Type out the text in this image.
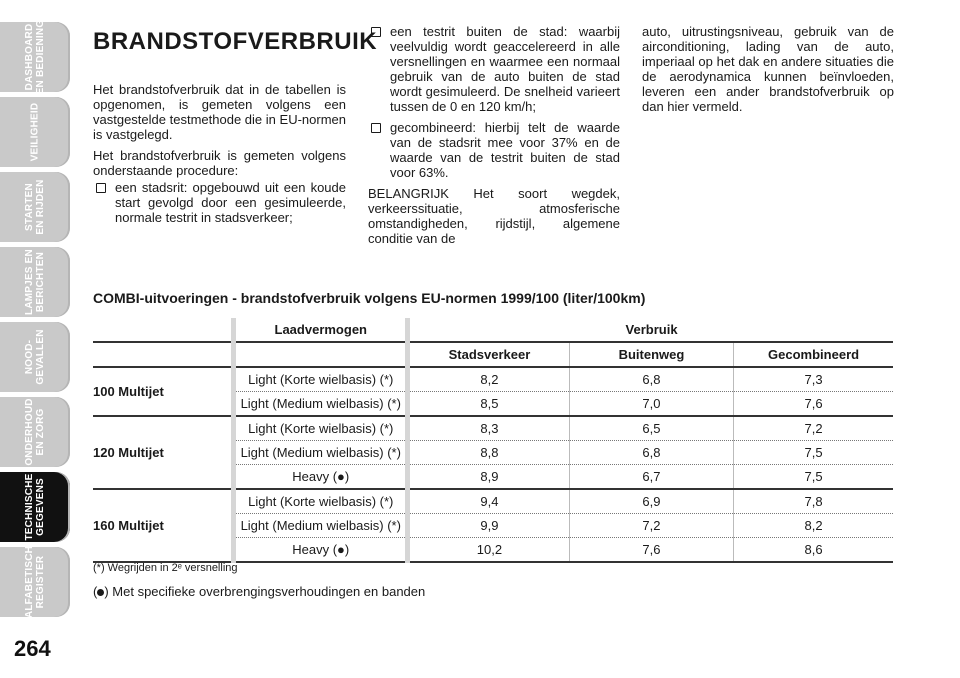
DASHBOARD
EN BEDIENING
VEILIGHEID
STARTEN
EN RIJDEN
LAMPJES EN
BERICHTEN
NOOD-
GEVALLEN
ONDERHOUD
EN ZORG
TECHNISCHE
GEGEVENS
ALFABETISCH
REGISTER
264
BRANDSTOFVERBRUIK

Het brandstofverbruik dat in de tabellen is opgenomen, is gemeten volgens een vastgestelde testmethode die in EU-normen is vastgelegd.

Het brandstofverbruik is gemeten volgens onderstaande procedure:

een stadsrit: opgebouwd uit een koude start gevolgd door een gesimuleerde, normale testrit in stadsverkeer;

een testrit buiten de stad: waarbij veelvuldig wordt geaccelereerd in alle versnellingen en waarmee een normaal gebruik van de auto buiten de stad wordt gesimuleerd. De snelheid varieert tussen de 0 en 120 km/h;

gecombineerd: hierbij telt de waarde van de stadsrit mee voor 37% en de waarde van de testrit buiten de stad voor 63%.

BELANGRIJK Het soort wegdek, verkeerssituatie, atmosferische omstandigheden, rijdstijl, algemene conditie van de

auto, uitrustingsniveau, gebruik van de airconditioning, lading van de auto, imperiaal op het dak en andere situaties die de aerodynamica kunnen beïnvloeden, leveren een ander brandstofverbruik op dan hier vermeld.

COMBI-uitvoeringen - brandstofverbruik volgens EU-normen 1999/100 (liter/100km)
	Laadvermogen	Verbruik		
		Stadsverkeer	Buitenweg	Gecombineerd
100 Multijet	Light (Korte wielbasis) (*)	8,2	6,8	7,3
	Light (Medium wielbasis) (*)	8,5	7,0	7,6
120 Multijet	Light (Korte wielbasis) (*)	8,3	6,5	7,2
	Light (Medium wielbasis) (*)	8,8	6,8	7,5
	Heavy (●)	8,9	6,7	7,5
160 Multijet	Light (Korte wielbasis) (*)	9,4	6,9	7,8
	Light (Medium wielbasis) (*)	9,9	7,2	8,2
	Heavy (●)	10,2	7,6	8,6
(*) Wegrijden in 2ᵉ versnelling
( ) Met specifieke overbrengingsverhoudingen en banden
